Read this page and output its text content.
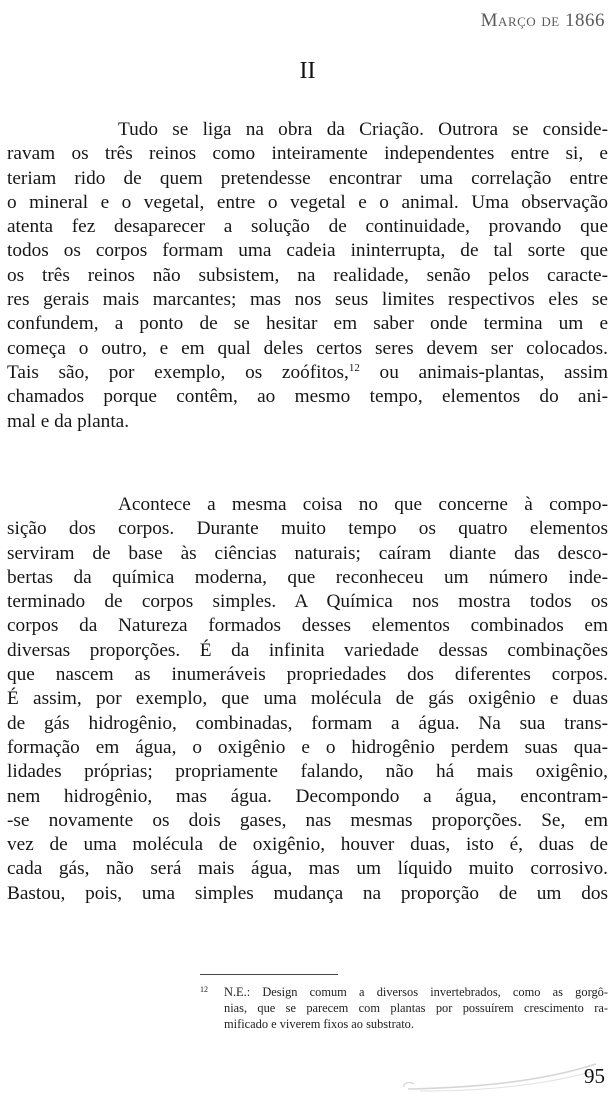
Março de 1866
II
Tudo se liga na obra da Criação. Outrora se conside-
ravam os três reinos como inteiramente independentes entre si, e
teriam rido de quem pretendesse encontrar uma correlação entre
o mineral e o vegetal, entre o vegetal e o animal. Uma observação
atenta fez desaparecer a solução de continuidade, provando que
todos os corpos formam uma cadeia ininterrupta, de tal sorte que
os três reinos não subsistem, na realidade, senão pelos caracte-
res gerais mais marcantes; mas nos seus limites respectivos eles se
confundem, a ponto de se hesitar em saber onde termina um e
começa o outro, e em qual deles certos seres devem ser colocados.
Tais são, por exemplo, os zoófitos,$^{12}$ ou animais-plantas, assim
chamados porque contêm, ao mesmo tempo, elementos do ani-
mal e da planta.
Acontece a mesma coisa no que concerne à compo-
sição dos corpos. Durante muito tempo os quatro elementos
serviram de base às ciências naturais; caíram diante das desco-
bertas da química moderna, que reconheceu um número inde-
terminado de corpos simples. A Química nos mostra todos os
corpos da Natureza formados desses elementos combinados em
diversas proporções. É da infinita variedade dessas combinações
que nascem as inumeráveis propriedades dos diferentes corpos.
É assim, por exemplo, que uma molécula de gás oxigênio e duas
de gás hidrogênio, combinadas, formam a água. Na sua trans-
formação em água, o oxigênio e o hidrogênio perdem suas qua-
lidades próprias; propriamente falando, não há mais oxigênio,
nem hidrogênio, mas água. Decompondo a água, encontram-
-se novamente os dois gases, nas mesmas proporções. Se, em
vez de uma molécula de oxigênio, houver duas, isto é, duas de
cada gás, não será mais água, mas um líquido muito corrosivo.
Bastou, pois, uma simples mudança na proporção de um dos
12	N.E.: Design comum a diversos invertebrados, como as gorgô-
nias, que se parecem com plantas por possuírem crescimento ra-
mificado e viverem fixos ao substrato.
95
